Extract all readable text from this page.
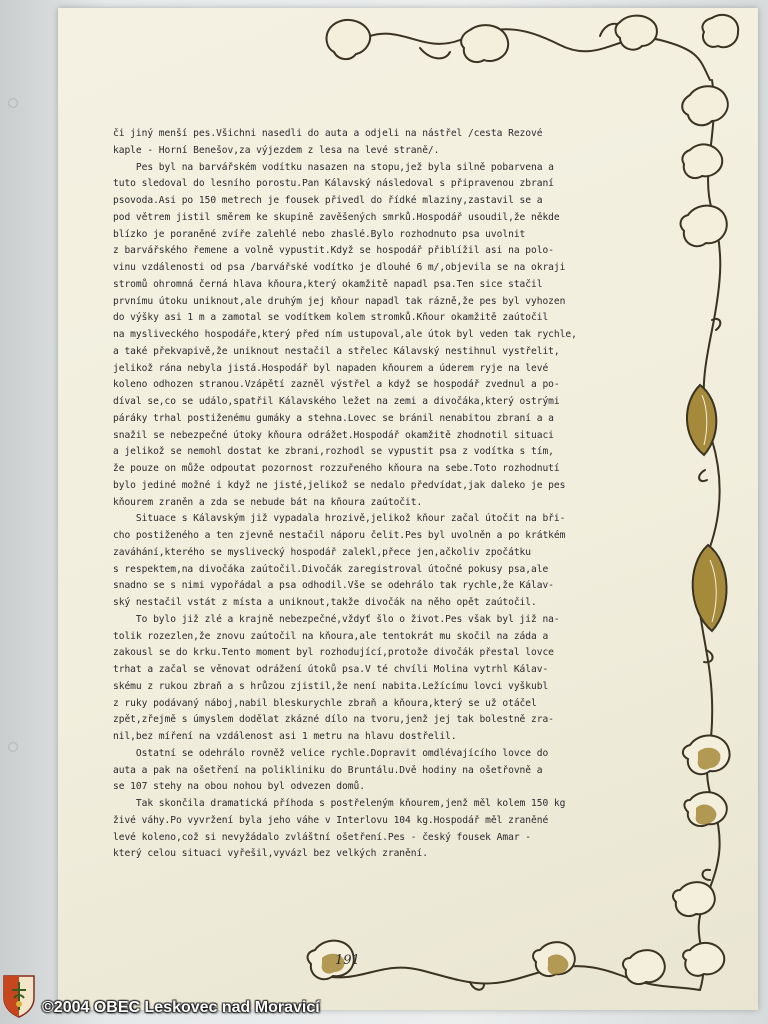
či jiný menší pes.Všichni nasedli do auta a odjeli na nástřel /cesta Rezové

kaple - Horní Benešov,za výjezdem z lesa na levé straně/.

Pes byl na barvářském vodítku nasazen na stopu,jež byla silně pobarvena a

tuto sledoval do lesního porostu.Pan Kálavský následoval s připravenou zbraní

psovoda.Asi po 150 metrech je fousek přivedl do řídké mlaziny,zastavil se a

pod větrem jistil směrem ke skupině zavěšených smrků.Hospodář usoudil,že někde

blízko je poraněné zvíře zalehlé nebo zhaslé.Bylo rozhodnuto psa uvolnit

z barvářského řemene a volně vypustit.Když se hospodář přiblížil asi na polo-

vinu vzdálenosti od psa /barvářské vodítko je dlouhé 6 m/,objevila se na okraji

stromů ohromná černá hlava kňoura,který okamžitě napadl psa.Ten sice stačil

prvnímu útoku uniknout,ale druhým jej kňour napadl tak rázně,že pes byl vyhozen

do výšky asi 1 m a zamotal se vodítkem kolem stromků.Kňour okamžitě zaútočil

na mysliveckého hospodáře,který před ním ustupoval,ale útok byl veden tak rychle,

a také překvapivě,že uniknout nestačil a střelec Kálavský nestihnul vystřelit,

jelikož rána nebyla jistá.Hospodář byl napaden kňourem a úderem ryje na levé

koleno odhozen stranou.Vzápětí zazněl výstřel a když se hospodář zvednul a po-

díval se,co se událo,spatřil Kálavského ležet na zemi a divočáka,který ostrými

páráky trhal postiženému gumáky a stehna.Lovec se bránil nenabitou zbraní a a

snažil se nebezpečné útoky kňoura odrážet.Hospodář okamžitě zhodnotil situaci

a jelikož se nemohl dostat ke zbrani,rozhodl se vypustit psa z vodítka s tím,

že pouze on může odpoutat pozornost rozzuřeného kňoura na sebe.Toto rozhodnutí

bylo jediné možné i když ne jisté,jelikož se nedalo předvídat,jak daleko je pes

kňourem zraněn a zda se nebude bát na kňoura zaútočit.

Situace s Kálavským již vypadala hrozivě,jelikož kňour začal útočit na bři-

cho postiženého a ten zjevně nestačil náporu čelit.Pes byl uvolněn a po krátkém

zaváhání,kterého se myslivecký hospodář zalekl,přece jen,ačkoliv zpočátku

s respektem,na divočáka zaútočil.Divočák zaregistroval útočné pokusy psa,ale

snadno se s nimi vypořádal a psa odhodil.Vše se odehrálo tak rychle,že Kálav-

ský nestačil vstát z místa a uniknout,takže divočák na něho opět zaútočil.

To bylo již zlé a krajně nebezpečné,vždyť šlo o život.Pes však byl již na-

tolik rozezlen,že znovu zaútočil na kňoura,ale tentokrát mu skočil na záda a

zakousl se do krku.Tento moment byl rozhodující,protože divočák přestal lovce

trhat a začal se věnovat odrážení útoků psa.V té chvíli Molina vytrhl Kálav-

skému z rukou zbraň a s hrůzou zjistil,že není nabita.Ležícímu lovci vyškubl

z ruky podávaný náboj,nabil bleskurychle zbraň a kňoura,který se už otáčel

zpět,zřejmě s úmyslem dodělat zkázné dílo na tvoru,jenž jej tak bolestně zra-

nil,bez míření na vzdálenost asi 1 metru na hlavu dostřelil.

Ostatní se odehrálo rovněž velice rychle.Dopravit omdlévajícího lovce do

auta a pak na ošetření na polikliniku do Bruntálu.Dvě hodiny na ošetřovně a

se 107 stehy na obou nohou byl odvezen domů.

Tak skončila dramatická příhoda s postřeleným kňourem,jenž měl kolem 150 kg

živé váhy.Po vyvržení byla jeho váhe v Interlovu 104 kg.Hospodář měl zraněné

levé koleno,což si nevyžádalo zvláštní ošetření.Pes - český fousek Amar -

který celou situaci vyřešil,vyvázl bez velkých zranění.

191
©2004 OBEC Leskovec nad Moravicí
